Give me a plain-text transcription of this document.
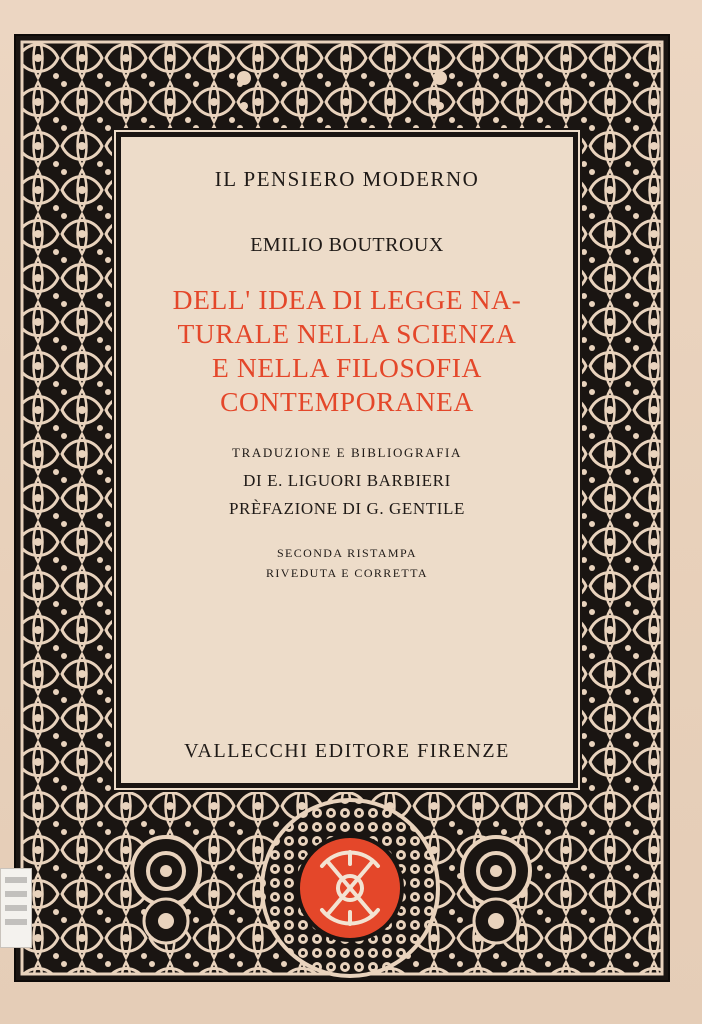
IL PENSIERO MODERNO
EMILIO BOUTROUX
DELL' IDEA DI LEGGE NA-
TURALE NELLA SCIENZA
E NELLA FILOSOFIA
CONTEMPORANEA
TRADUZIONE E BIBLIOGRAFIA
DI E. LIGUORI BARBIERI
PRÈFAZIONE DI G. GENTILE
SECONDA RISTAMPA
RIVEDUTA E CORRETTA
VALLECCHI EDITORE FIRENZE
